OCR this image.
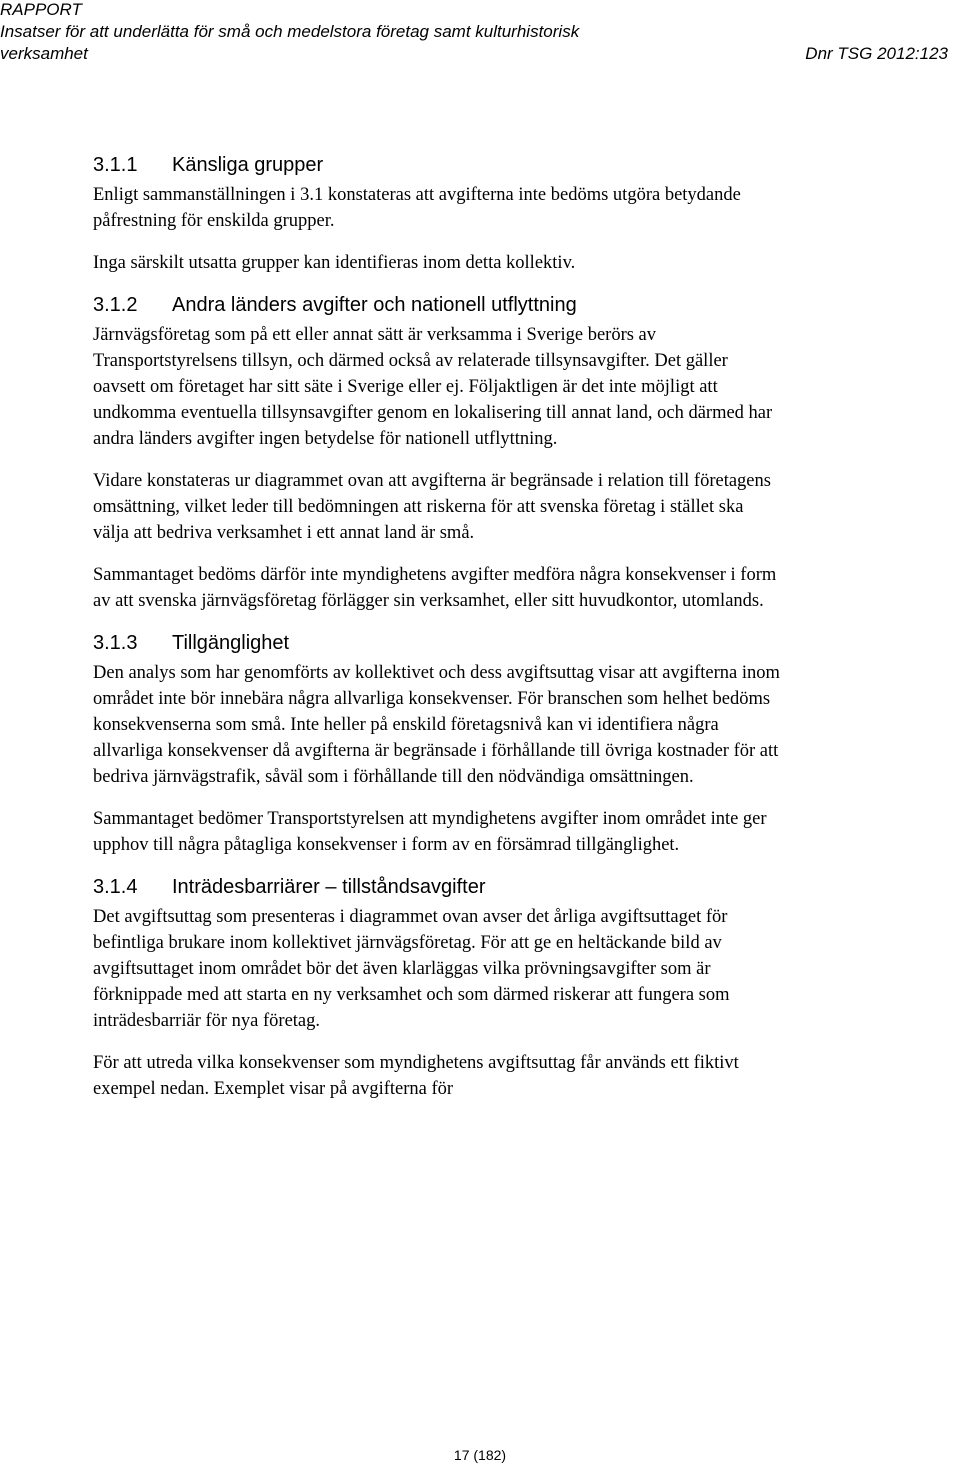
RAPPORT
Insatser för att underlätta för små och medelstora företag samt kulturhistorisk
verksamhet	Dnr TSG 2012:123
3.1.1 Känsliga grupper

Enligt sammanställningen i 3.1 konstateras att avgifterna inte bedöms utgöra betydande påfrestning för enskilda grupper.

Inga särskilt utsatta grupper kan identifieras inom detta kollektiv.

3.1.2 Andra länders avgifter och nationell utflyttning

Järnvägsföretag som på ett eller annat sätt är verksamma i Sverige berörs av Transportstyrelsens tillsyn, och därmed också av relaterade tillsynsavgifter. Det gäller oavsett om företaget har sitt säte i Sverige eller ej. Följaktligen är det inte möjligt att undkomma eventuella tillsynsavgifter genom en lokalisering till annat land, och därmed har andra länders avgifter ingen betydelse för nationell utflyttning.

Vidare konstateras ur diagrammet ovan att avgifterna är begränsade i relation till företagens omsättning, vilket leder till bedömningen att riskerna för att svenska företag i stället ska välja att bedriva verksamhet i ett annat land är små.

Sammantaget bedöms därför inte myndighetens avgifter medföra några konsekvenser i form av att svenska järnvägsföretag förlägger sin verksamhet, eller sitt huvudkontor, utomlands.

3.1.3 Tillgänglighet

Den analys som har genomförts av kollektivet och dess avgiftsuttag visar att avgifterna inom området inte bör innebära några allvarliga konsekvenser. För branschen som helhet bedöms konsekvenserna som små. Inte heller på enskild företagsnivå kan vi identifiera några allvarliga konsekvenser då avgifterna är begränsade i förhållande till övriga kostnader för att bedriva järnvägstrafik, såväl som i förhållande till den nödvändiga omsättningen.

Sammantaget bedömer Transportstyrelsen att myndighetens avgifter inom området inte ger upphov till några påtagliga konsekvenser i form av en försämrad tillgänglighet.

3.1.4 Inträdesbarriärer – tillståndsavgifter

Det avgiftsuttag som presenteras i diagrammet ovan avser det årliga avgiftsuttaget för befintliga brukare inom kollektivet järnvägsföretag. För att ge en heltäckande bild av avgiftsuttaget inom området bör det även klarläggas vilka prövningsavgifter som är förknippade med att starta en ny verksamhet och som därmed riskerar att fungera som inträdesbarriär för nya företag.

För att utreda vilka konsekvenser som myndighetens avgiftsuttag får används ett fiktivt exempel nedan. Exemplet visar på avgifterna för

17 (182)
